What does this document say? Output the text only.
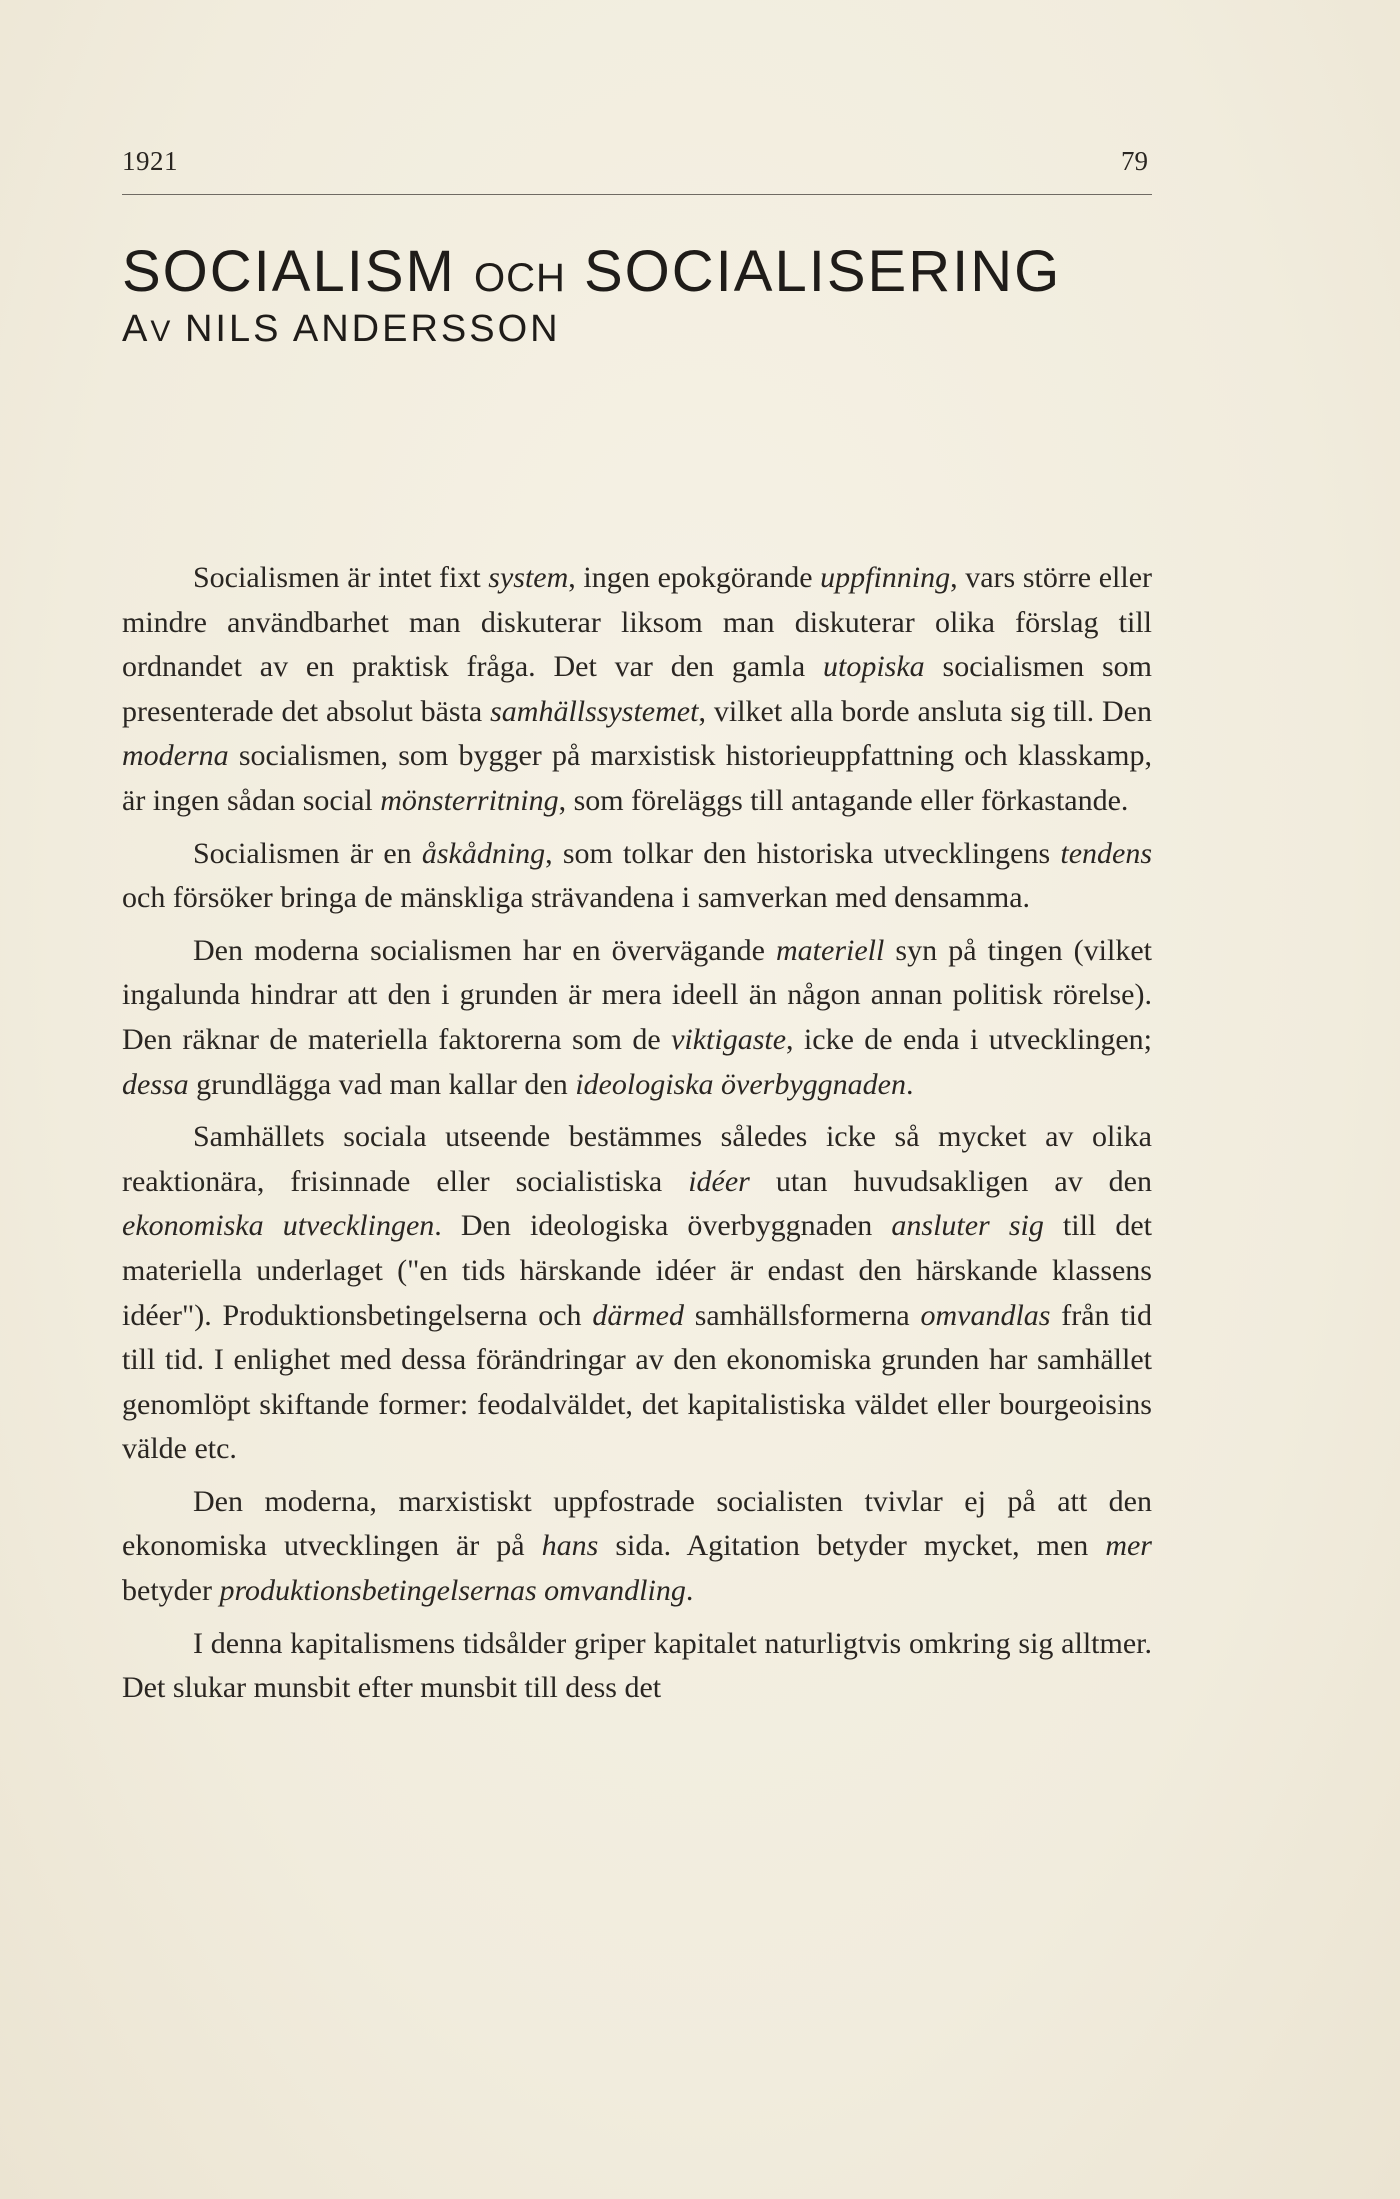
1921	79
SOCIALISM OCH SOCIALISERING
AV NILS ANDERSSON

Socialismen är intet fixt system, ingen epokgörande uppfinning, vars större eller mindre användbarhet man diskuterar liksom man diskuterar olika förslag till ordnandet av en praktisk fråga. Det var den gamla utopiska socialismen som presenterade det absolut bästa samhällssystemet, vilket alla borde ansluta sig till. Den moderna socialismen, som bygger på marxistisk historieuppfattning och klasskamp, är ingen sådan social mönsterritning, som föreläggs till antagande eller förkastande.

Socialismen är en åskådning, som tolkar den historiska utvecklingens tendens och försöker bringa de mänskliga strävandena i samverkan med densamma.

Den moderna socialismen har en övervägande materiell syn på tingen (vilket ingalunda hindrar att den i grunden är mera ideell än någon annan politisk rörelse). Den räknar de materiella faktorerna som de viktigaste, icke de enda i utvecklingen; dessa grundlägga vad man kallar den ideologiska överbyggnaden.

Samhällets sociala utseende bestämmes således icke så mycket av olika reaktionära, frisinnade eller socialistiska idéer utan huvudsakligen av den ekonomiska utvecklingen. Den ideologiska överbyggnaden ansluter sig till det materiella underlaget ("en tids härskande idéer är endast den härskande klassens idéer"). Produktionsbetingelserna och därmed samhällsformerna omvandlas från tid till tid. I enlighet med dessa förändringar av den ekonomiska grunden har samhället genomlöpt skiftande former: feodalväldet, det kapitalistiska väldet eller bourgeoisins välde etc.

Den moderna, marxistiskt uppfostrade socialisten tvivlar ej på att den ekonomiska utvecklingen är på hans sida. Agitation betyder mycket, men mer betyder produktionsbetingelsernas omvandling.

I denna kapitalismens tidsålder griper kapitalet naturligtvis omkring sig alltmer. Det slukar munsbit efter munsbit till dess det
